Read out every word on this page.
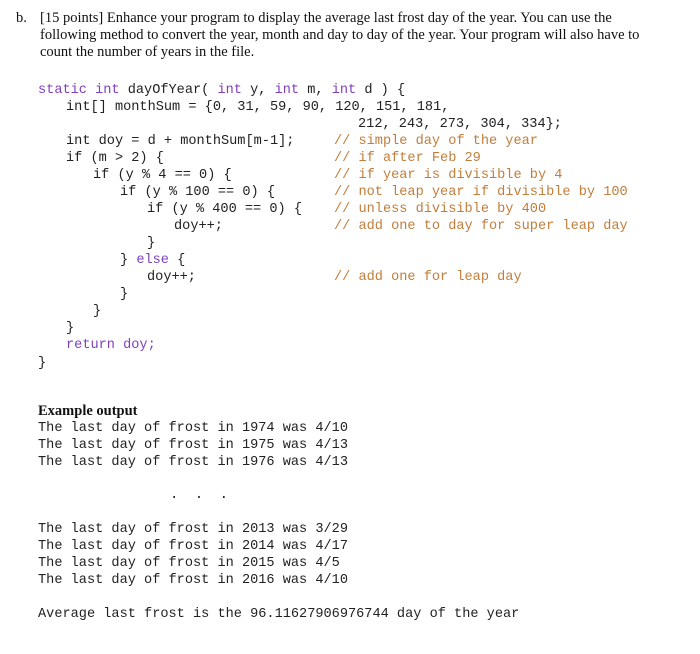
b. [15 points] Enhance your program to display the average last frost day of the year. You can use the following method to convert the year, month and day to day of the year. Your program will also have to count the number of years in the file.
static int dayOfYear( int y, int m, int d ) {
int[] monthSum = {0, 31, 59, 90, 120, 151, 181,
212, 243, 273, 304, 334};
int doy = d + monthSum[m-1];	// simple day of the year
if (m > 2) {	// if after Feb 29
if (y % 4 == 0) {	// if year is divisible by 4
if (y % 100 == 0) {	// not leap year if divisible by 100
if (y % 400 == 0) { // unless divisible by 400
doy++;	// add one to day for super leap day
}
} else {
doy++;	// add one for leap day
}
}
}
return doy;
}
Example output
The last day of frost in 1974 was 4/10
The last day of frost in 1975 was 4/13
The last day of frost in 1976 was 4/13
. . .
The last day of frost in 2013 was 3/29
The last day of frost in 2014 was 4/17
The last day of frost in 2015 was 4/5
The last day of frost in 2016 was 4/10
Average last frost is the 96.11627906976744 day of the year
